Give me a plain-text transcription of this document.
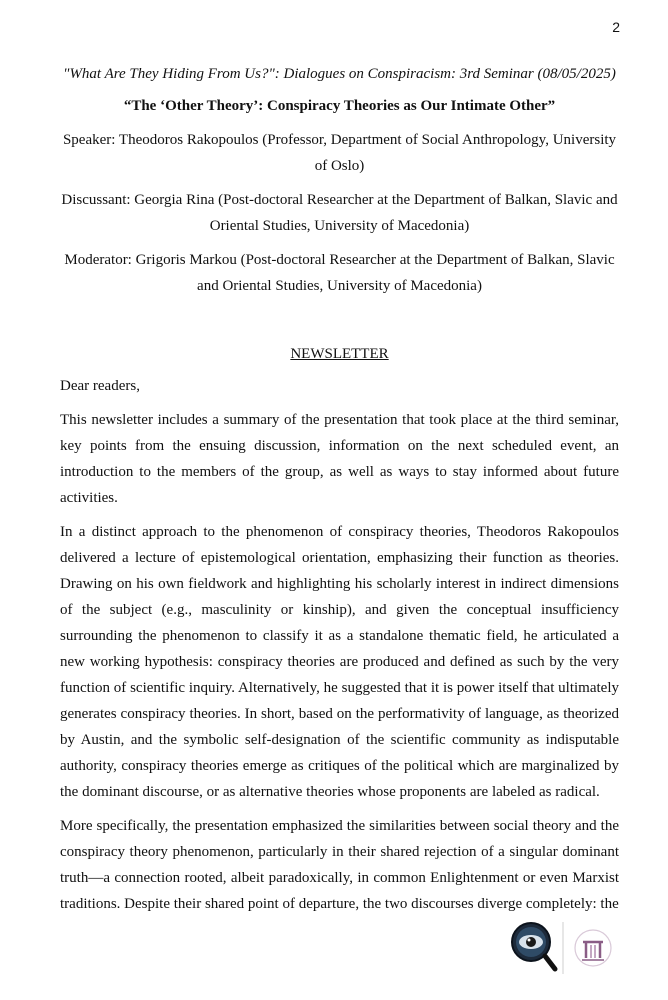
2

"What Are They Hiding From Us?": Dialogues on Conspiracism: 3rd Seminar (08/05/2025)

“The ‘Other Theory’: Conspiracy Theories as Our Intimate Other”

Speaker: Theodoros Rakopoulos (Professor, Department of Social Anthropology, University of Oslo)

Discussant: Georgia Rina (Post-doctoral Researcher at the Department of Balkan, Slavic and Oriental Studies, University of Macedonia)

Moderator: Grigoris Markou (Post-doctoral Researcher at the Department of Balkan, Slavic and Oriental Studies, University of Macedonia)

NEWSLETTER

Dear readers,

This newsletter includes a summary of the presentation that took place at the third seminar, key points from the ensuing discussion, information on the next scheduled event, an introduction to the members of the group, as well as ways to stay informed about future activities.

In a distinct approach to the phenomenon of conspiracy theories, Theodoros Rakopoulos delivered a lecture of epistemological orientation, emphasizing their function as theories. Drawing on his own fieldwork and highlighting his scholarly interest in indirect dimensions of the subject (e.g., masculinity or kinship), and given the conceptual insufficiency surrounding the phenomenon to classify it as a standalone thematic field, he articulated a new working hypothesis: conspiracy theories are produced and defined as such by the very function of scientific inquiry. Alternatively, he suggested that it is power itself that ultimately generates conspiracy theories. In short, based on the performativity of language, as theorized by Austin, and the symbolic self-designation of the scientific community as indisputable authority, conspiracy theories emerge as critiques of the political which are marginalized by the dominant discourse, or as alternative theories whose proponents are labeled as radical.

More specifically, the presentation emphasized the similarities between social theory and the conspiracy theory phenomenon, particularly in their shared rejection of a singular dominant truth—a connection rooted, albeit paradoxically, in common Enlightenment or even Marxist traditions. Despite their shared point of departure, the two discourses diverge completely: the
